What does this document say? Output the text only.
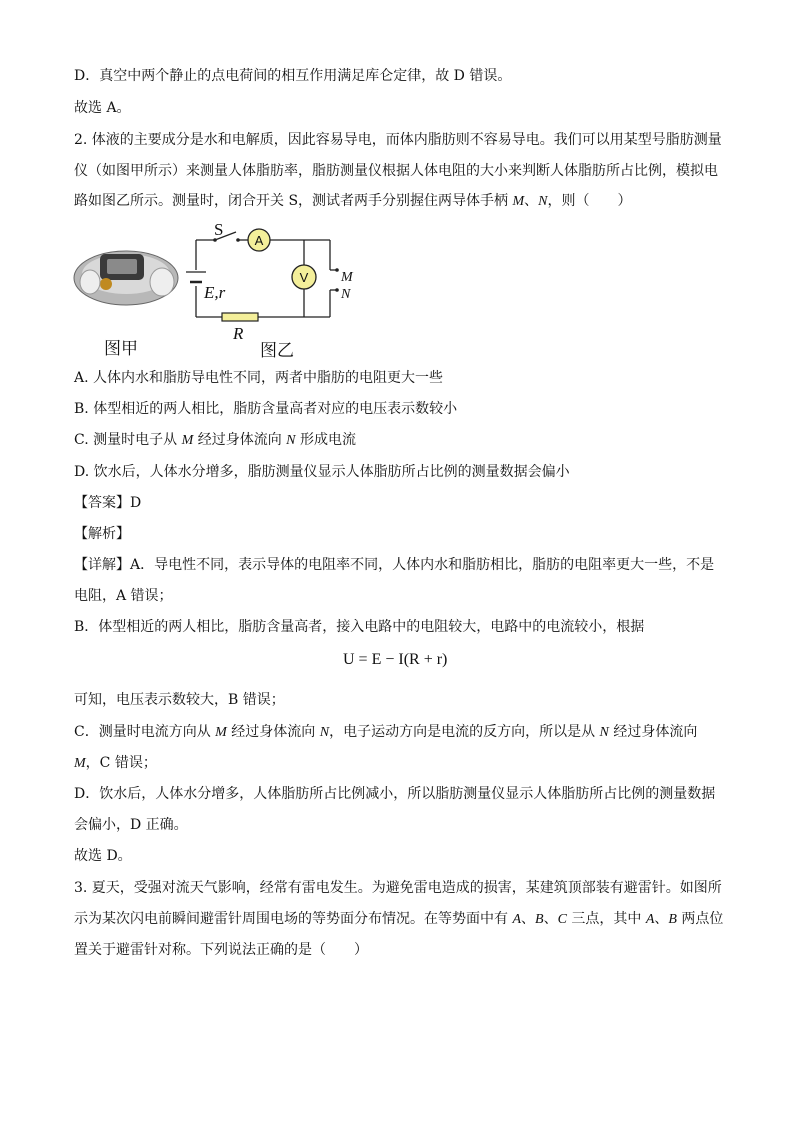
D．真空中两个静止的点电荷间的相互作用满足库仑定律，故 D 错误。
故选 A。
2. 体液的主要成分是水和电解质，因此容易导电，而体内脂肪则不容易导电。我们可以用某型号脂肪测量
仪（如图甲所示）来测量人体脂肪率，脂肪测量仪根据人体电阻的大小来判断人体脂肪所占比例，模拟电
路如图乙所示。测量时，闭合开关 S，测试者两手分别握住两导体手柄 M、N，则（　　）
S
A
V
E,r
R
M
N
图甲	图乙
A. 人体内水和脂肪导电性不同，两者中脂肪的电阻更大一些
B. 体型相近的两人相比，脂肪含量高者对应的电压表示数较小
C. 测量时电子从 M 经过身体流向 N 形成电流
D. 饮水后，人体水分增多，脂肪测量仪显示人体脂肪所占比例的测量数据会偏小
【答案】D
【解析】
【详解】A．导电性不同，表示导体的电阻率不同，人体内水和脂肪相比，脂肪的电阻率更大一些，不是
电阻，A 错误；
B．体型相近的两人相比，脂肪含量高者，接入电路中的电阻较大，电路中的电流较小，根据
U = E − I(R + r)
可知，电压表示数较大，B 错误；
C．测量时电流方向从 M 经过身体流向 N，电子运动方向是电流的反方向，所以是从 N 经过身体流向
M，C 错误；
D．饮水后，人体水分增多，人体脂肪所占比例减小，所以脂肪测量仪显示人体脂肪所占比例的测量数据
会偏小，D 正确。
故选 D。
3. 夏天，受强对流天气影响，经常有雷电发生。为避免雷电造成的损害，某建筑顶部装有避雷针。如图所
示为某次闪电前瞬间避雷针周围电场的等势面分布情况。在等势面中有 A、B、C 三点，其中 A、B 两点位
置关于避雷针对称。下列说法正确的是（　　）
